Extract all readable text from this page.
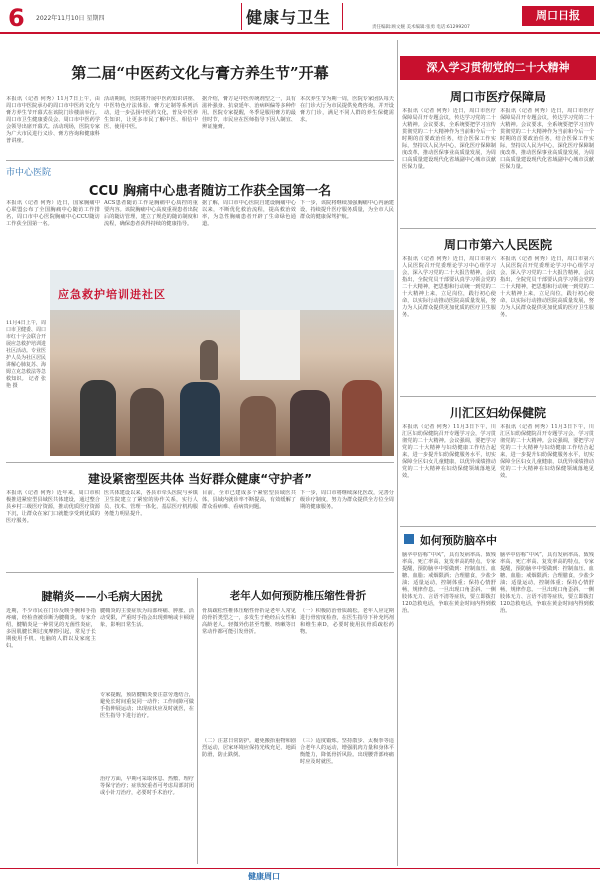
6 2022年11月10日 星期四	健康与卫生
责任编辑:顾文婉 美术编辑:张勇 电话:61299207
周口日报
第二届“中医药文化与膏方养生节”开幕
本报讯（记者 何秀）11月7日上午，由周口市中医院承办的周口市中医药文化与膏方养生节开幕式在该院门诊楼前举行。周口市卫生健康委员会、周口市中医药学会领导出席开幕式。活动现场，医院专家为广大市民进行义诊、膏方咨询和健康科普讲座。
活动期间，医院将开展中医药知识讲座、中医特色疗法体验、膏方定制等系列活动，进一步弘扬中医药文化，普及中医养生知识，让更多市民了解中医、相信中医、使用中医。
据介绍，膏方是中医传统剂型之一，具有滋补强身、抗衰延年、治病纠偏等多种作用。医院专家提醒，冬季是服用膏方的最佳时节，市民应在医师指导下因人制宜、辨证施膏。
本次养生节为期一周，医院专家团队每天在门诊大厅为市民提供免费咨询，并开设膏方门诊，满足不同人群的养生保健需求。
市中心医院
CCU 胸痛中心患者随访工作获全国第一名
本报讯（记者 何秀）近日，国家胸痛中心联盟公布了全国胸痛中心随访工作排名，周口市中心医院胸痛中心CCU随访工作获全国第一名。
ACS患者随访工作是胸痛中心质控的重要内容。该院胸痛中心高度重视患者出院后的随访管理，建立了规范的随访制度和流程，确保患者获得持续的健康指导。
据了解，周口市中心医院自建设胸痛中心以来，不断优化救治流程，提高救治效率，为急性胸痛患者开辟了生命绿色通道。
下一步，该院将继续加强胸痛中心内涵建设，持续提升医疗服务质量，为全市人民群众的健康保驾护航。
应急救护培训进社区
11月4日上午，周口市卫健委、周口市红十字会联合开展应急救护培训进社区活动。专业医护人员为社区居民讲解心肺复苏、海姆立克急救法等急救知识。 记者 张艳 摄
建设紧密型医共体 当好群众健康“守护者”
本报讯（记者 何秀）近年来，周口市积极推进紧密型县域医共体建设，通过整合县乡村三级医疗资源，推动优质医疗资源下沉，让群众在家门口就能享受到优质的医疗服务。
医共体建设以来，各县市牵头医院与乡镇卫生院建立了紧密的协作关系，实行人员、技术、管理一体化，基层医疗机构服务能力明显提升。
目前，全市已建成多个紧密型县域医共体，县域内就诊率不断提高，有效缓解了群众看病难、看病贵问题。
下一步，周口市将继续深化医改，完善分级诊疗制度，努力为群众提供全方位全周期的健康服务。
腱鞘炎——小毛病大困扰
近期，不少市民在门诊反映手腕和手指疼痛，经检查被诊断为腱鞘炎。专家介绍，腱鞘炎是一种常见的无菌性炎症，多因肌腱长期过度摩擦引起，常见于长期使用手机、电脑的人群以及家庭主妇。
腱鞘炎的主要症状为局部疼痛、肿胀、活动受限，严重时手指会出现弹响或卡顿现象，影响日常生活。
专家提醒，预防腱鞘炎要注意劳逸结合，避免长时间重复同一动作；工作间隙可做手指伸展运动；出现症状应及时就医，在医生指导下进行治疗。
治疗方面，早期可采取休息、热敷、理疗等保守治疗；症状较重者可考虑局部封闭或小针刀治疗，必要时手术治疗。
老年人如何预防椎压缩性骨折
骨质疏松性椎体压缩性骨折是老年人常见的骨折类型之一，多发生于绝经后女性和高龄老人。轻微外伤甚至弯腰、咳嗽等日常动作都可能引发骨折。
（一）积极防治骨质疏松。老年人应定期进行骨密度检查，在医生指导下补充钙剂和维生素D，必要时使用抗骨质疏松药物。
（二）注意日常防护。避免搬抬重物和剧烈运动，居家环境应保持光线充足、地面防滑，防止跌倒。
（三）适度锻炼。坚持散步、太极拳等适合老年人的运动，增强肌肉力量和身体平衡能力，降低骨折风险。出现腰背部疼痛时应及时就医。
深入学习贯彻党的二十大精神
周口市医疗保障局
本报讯（记者 何秀）近日，周口市医疗保障局召开专题会议，传达学习党的二十大精神。会议要求，全系统要把学习宣传贯彻党的二十大精神作为当前和今后一个时期的首要政治任务，结合医保工作实际，坚持以人民为中心，深化医疗保障制度改革，推动医保事业高质量发展，为周口高质量建设现代化省域副中心城市贡献医保力量。
本报讯（记者 何秀）近日，周口市医疗保障局召开专题会议，传达学习党的二十大精神。会议要求，全系统要把学习宣传贯彻党的二十大精神作为当前和今后一个时期的首要政治任务，结合医保工作实际，坚持以人民为中心，深化医疗保障制度改革，推动医保事业高质量发展，为周口高质量建设现代化省域副中心城市贡献医保力量。
周口市第六人民医院
本报讯（记者 何秀）近日，周口市第六人民医院召开党委理论学习中心组学习会，深入学习党的二十大报告精神。会议指出，全院党员干部要认真学习领会党的二十大精神，把思想和行动统一到党的二十大精神上来，立足岗位，践行初心使命，以实际行动推动医院高质量发展，努力为人民群众提供更加优质的医疗卫生服务。
本报讯（记者 何秀）近日，周口市第六人民医院召开党委理论学习中心组学习会，深入学习党的二十大报告精神。会议指出，全院党员干部要认真学习领会党的二十大精神，把思想和行动统一到党的二十大精神上来，立足岗位，践行初心使命，以实际行动推动医院高质量发展，努力为人民群众提供更加优质的医疗卫生服务。
川汇区妇幼保健院
本报讯（记者 何秀）11月3日下午，川汇区妇幼保健院召开专题学习会，学习贯彻党的二十大精神。会议强调，要把学习党的二十大精神与妇幼健康工作结合起来，进一步提升妇幼保健服务水平，切实保障全区妇女儿童健康，以优异成绩推动党的二十大精神在妇幼保健领域落地见效。
本报讯（记者 何秀）11月3日下午，川汇区妇幼保健院召开专题学习会，学习贯彻党的二十大精神。会议强调，要把学习党的二十大精神与妇幼健康工作结合起来，进一步提升妇幼保健服务水平，切实保障全区妇女儿童健康，以优异成绩推动党的二十大精神在妇幼保健领域落地见效。
如何预防脑卒中
脑卒中俗称“中风”，具有发病率高、致残率高、死亡率高、复发率高的特点。专家提醒，预防脑卒中要做到：控制血压、血糖、血脂；戒烟限酒；合理膳食，少盐少油；适量运动，控制体重；保持心情舒畅，规律作息。一旦出现口角歪斜、一侧肢体无力、言语不清等症状，要立即拨打120急救电话，争取在黄金时间内得到救治。
脑卒中俗称“中风”，具有发病率高、致残率高、死亡率高、复发率高的特点。专家提醒，预防脑卒中要做到：控制血压、血糖、血脂；戒烟限酒；合理膳食，少盐少油；适量运动，控制体重；保持心情舒畅，规律作息。一旦出现口角歪斜、一侧肢体无力、言语不清等症状，要立即拨打120急救电话，争取在黄金时间内得到救治。
健康周口
